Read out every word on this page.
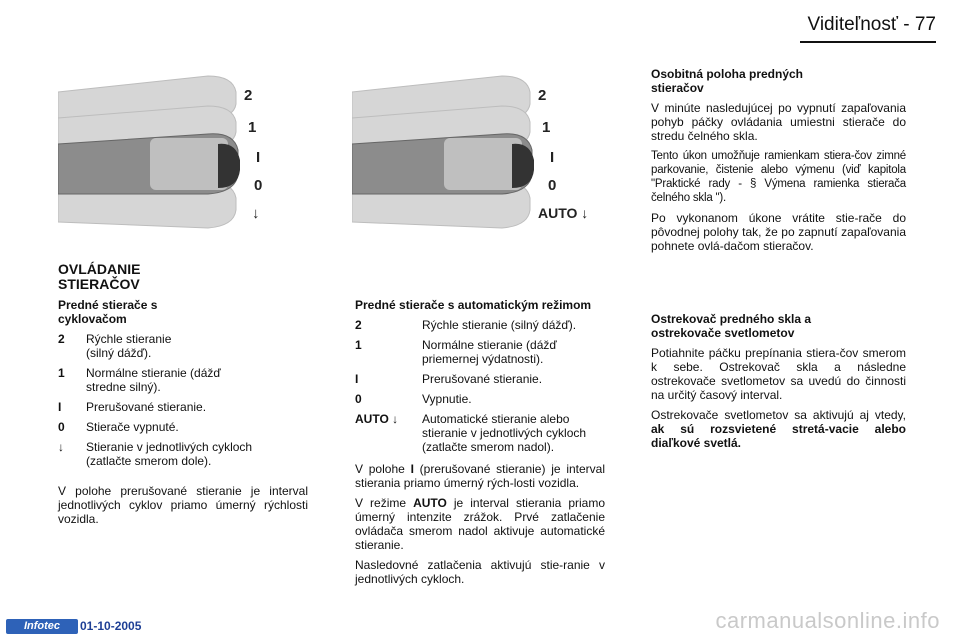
Viditeľnosť - 77
2
1
I
0
↓
2
1
I
0
AUTO ↓
OVLÁDANIE
STIERAČOV
Predné stierače s cyklovačom
2	Rýchle stieranie (silný dážď).
1	Normálne stieranie (dážď stredne silný).
I	Prerušované stieranie.
0	Stierače vypnuté.
↓	Stieranie v jednotlivých cykloch (zatlačte smerom dole).
V polohe prerušované stieranie je interval jednotlivých cyklov priamo úmerný rýchlosti vozidla.
Predné stierače s automatickým režimom
2	Rýchle stieranie (silný dážď).
1	Normálne stieranie (dážď priemernej výdatnosti).
I	Prerušované stieranie.
0	Vypnutie.
AUTO ↓	Automatické stieranie alebo stieranie v jednotlivých cykloch (zatlačte smerom nadol).
V polohe I (prerušované stieranie) je interval stierania priamo úmerný rých-losti vozidla.
V režime AUTO je interval stierania priamo úmerný intenzite zrážok. Prvé zatlačenie ovládača smerom nadol aktivuje automatické stieranie.
Nasledovné zatlačenia aktivujú stie-ranie v jednotlivých cykloch.
Osobitná poloha predných stieračov
V minúte nasledujúcej po vypnutí zapaľovania pohyb páčky ovládania umiestni stierače do stredu čelného skla.
Tento úkon umožňuje ramienkam stiera-čov zimné parkovanie, čistenie alebo výmenu (viď kapitola "Praktické rady - § Výmena ramienka stierača čelného skla ").
Po vykonanom úkone vrátite stie-rače do pôvodnej polohy tak, že po zapnutí zapaľovania pohnete ovlá-dačom stieračov.
Ostrekovač predného skla a ostrekovače svetlometov
Potiahnite páčku prepínania stiera-čov smerom k sebe. Ostrekovač skla a následne ostrekovače svetlometov sa uvedú do činnosti na určitý časový interval.
Ostrekovače svetlometov sa aktivujú aj vtedy, ak sú rozsvietené stretá-vacie alebo diaľkové svetlá.
Infotec	01-10-2005	carmanualsonline.info
